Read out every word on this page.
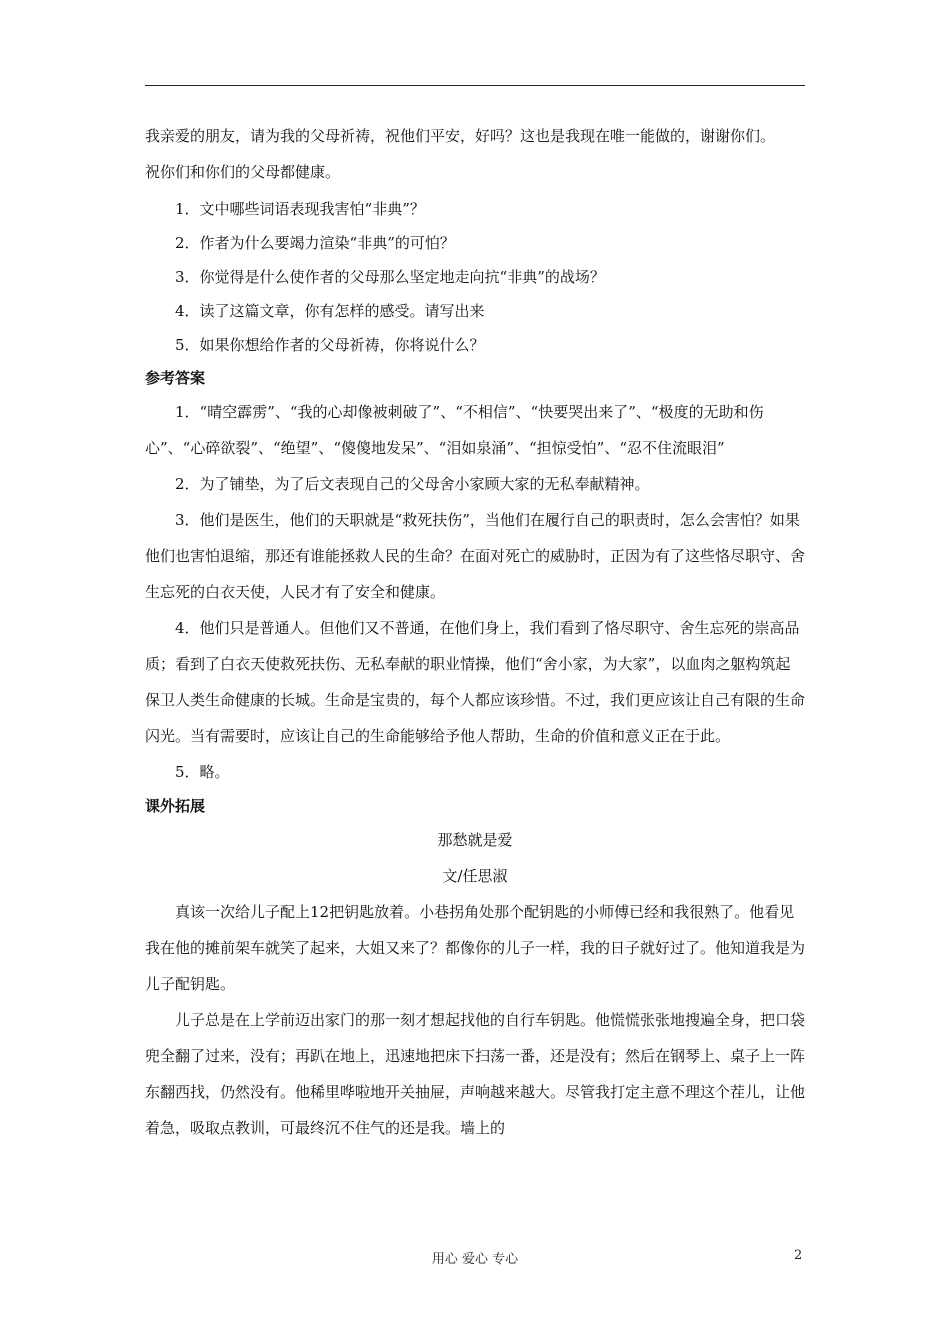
我亲爱的朋友，请为我的父母祈祷，祝他们平安，好吗？这也是我现在唯一能做的，谢谢你们。
祝你们和你们的父母都健康。
1．文中哪些词语表现我害怕“非典”？
2．作者为什么要竭力渲染“非典”的可怕？
3．你觉得是什么使作者的父母那么坚定地走向抗“非典”的战场？
4．读了这篇文章，你有怎样的感受。请写出来
5．如果你想给作者的父母祈祷，你将说什么？
参考答案
1．“晴空霹雳”、“我的心却像被刺破了”、“不相信”、“快要哭出来了”、“极度的无助和伤心”、“心碎欲裂”、“绝望”、“傻傻地发呆”、“泪如泉涌”、“担惊受怕”、“忍不住流眼泪”
2．为了铺垫，为了后文表现自己的父母舍小家顾大家的无私奉献精神。
3．他们是医生，他们的天职就是“救死扶伤”，当他们在履行自己的职责时，怎么会害怕？如果他们也害怕退缩，那还有谁能拯救人民的生命？在面对死亡的威胁时，正因为有了这些恪尽职守、舍生忘死的白衣天使，人民才有了安全和健康。
4．他们只是普通人。但他们又不普通，在他们身上，我们看到了恪尽职守、舍生忘死的崇高品质；看到了白衣天使救死扶伤、无私奉献的职业情操，他们“舍小家，为大家”，以血肉之躯构筑起保卫人类生命健康的长城。生命是宝贵的，每个人都应该珍惜。不过，我们更应该让自己有限的生命闪光。当有需要时，应该让自己的生命能够给予他人帮助，生命的价值和意义正在于此。
5．略。
课外拓展
那愁就是爱
文/任思淑
真该一次给儿子配上12把钥匙放着。小巷拐角处那个配钥匙的小师傅已经和我很熟了。他看见我在他的摊前架车就笑了起来，大姐又来了？都像你的儿子一样，我的日子就好过了。他知道我是为儿子配钥匙。
儿子总是在上学前迈出家门的那一刻才想起找他的自行车钥匙。他慌慌张张地搜遍全身，把口袋兜全翻了过来，没有；再趴在地上，迅速地把床下扫荡一番，还是没有；然后在钢琴上、桌子上一阵东翻西找，仍然没有。他稀里哗啦地开关抽屉，声响越来越大。尽管我打定主意不理这个茬儿，让他着急，吸取点教训，可最终沉不住气的还是我。墙上的
用心 爱心 专心	2
